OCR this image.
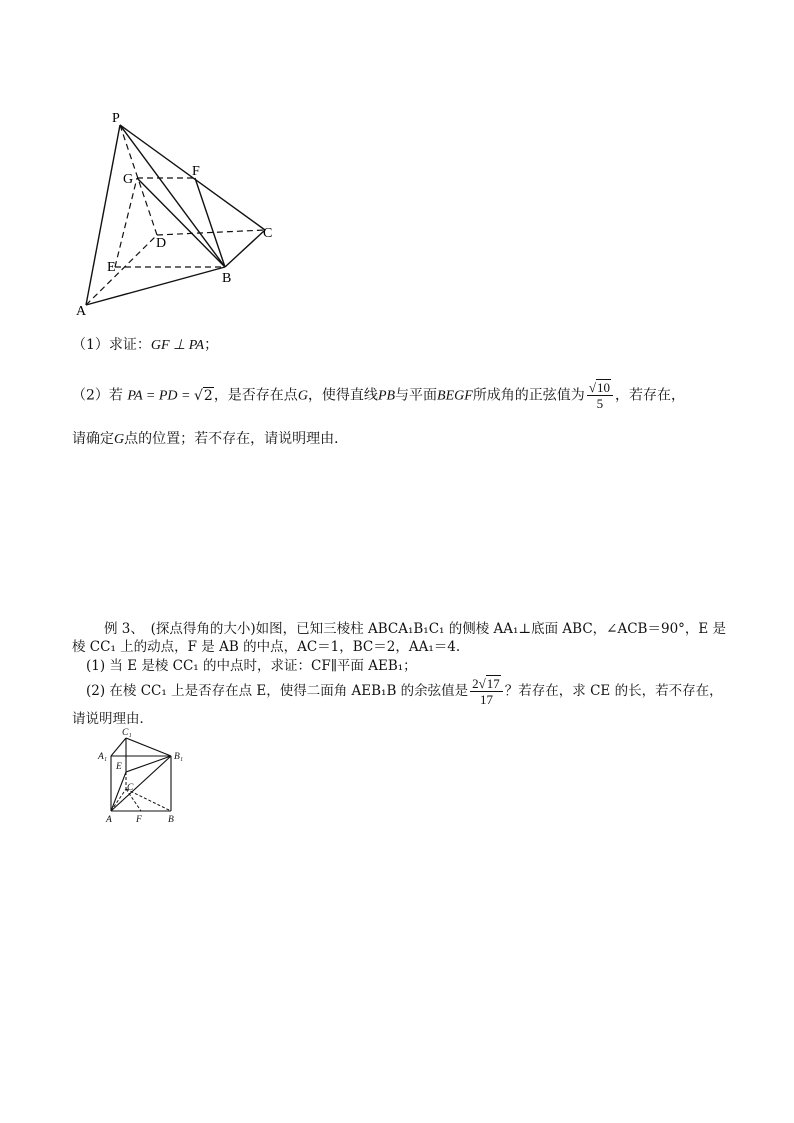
P
F
G
D
C
E
B
A
（1）求证：GF ⊥ PA；
（2）若 PA = PD = √2，是否存在点G，使得直线PB与平面BEGF所成角的正弦值为 $\frac{√10}{5}$ ，若存在，
请确定G点的位置；若不存在，请说明理由．
例 3、　(探点得角的大小)如图，已知三棱柱 ABCA₁B₁C₁ 的侧棱 AA₁⊥底面 ABC，∠ACB＝90°，E 是
棱 CC₁ 上的动点，F 是 AB 的中点，AC＝1，BC＝2，AA₁＝4.
(1) 当 E 是棱 CC₁ 的中点时，求证：CF∥平面 AEB₁；
(2) 在棱 CC₁ 上是否存在点 E，使得二面角 AEB₁B 的余弦值是 $\frac{2√17}{17}$ ？若存在，求 CE 的长，若不存在，
请说明理由．
C₁
A₁	B₁
E
C
A	F	B
